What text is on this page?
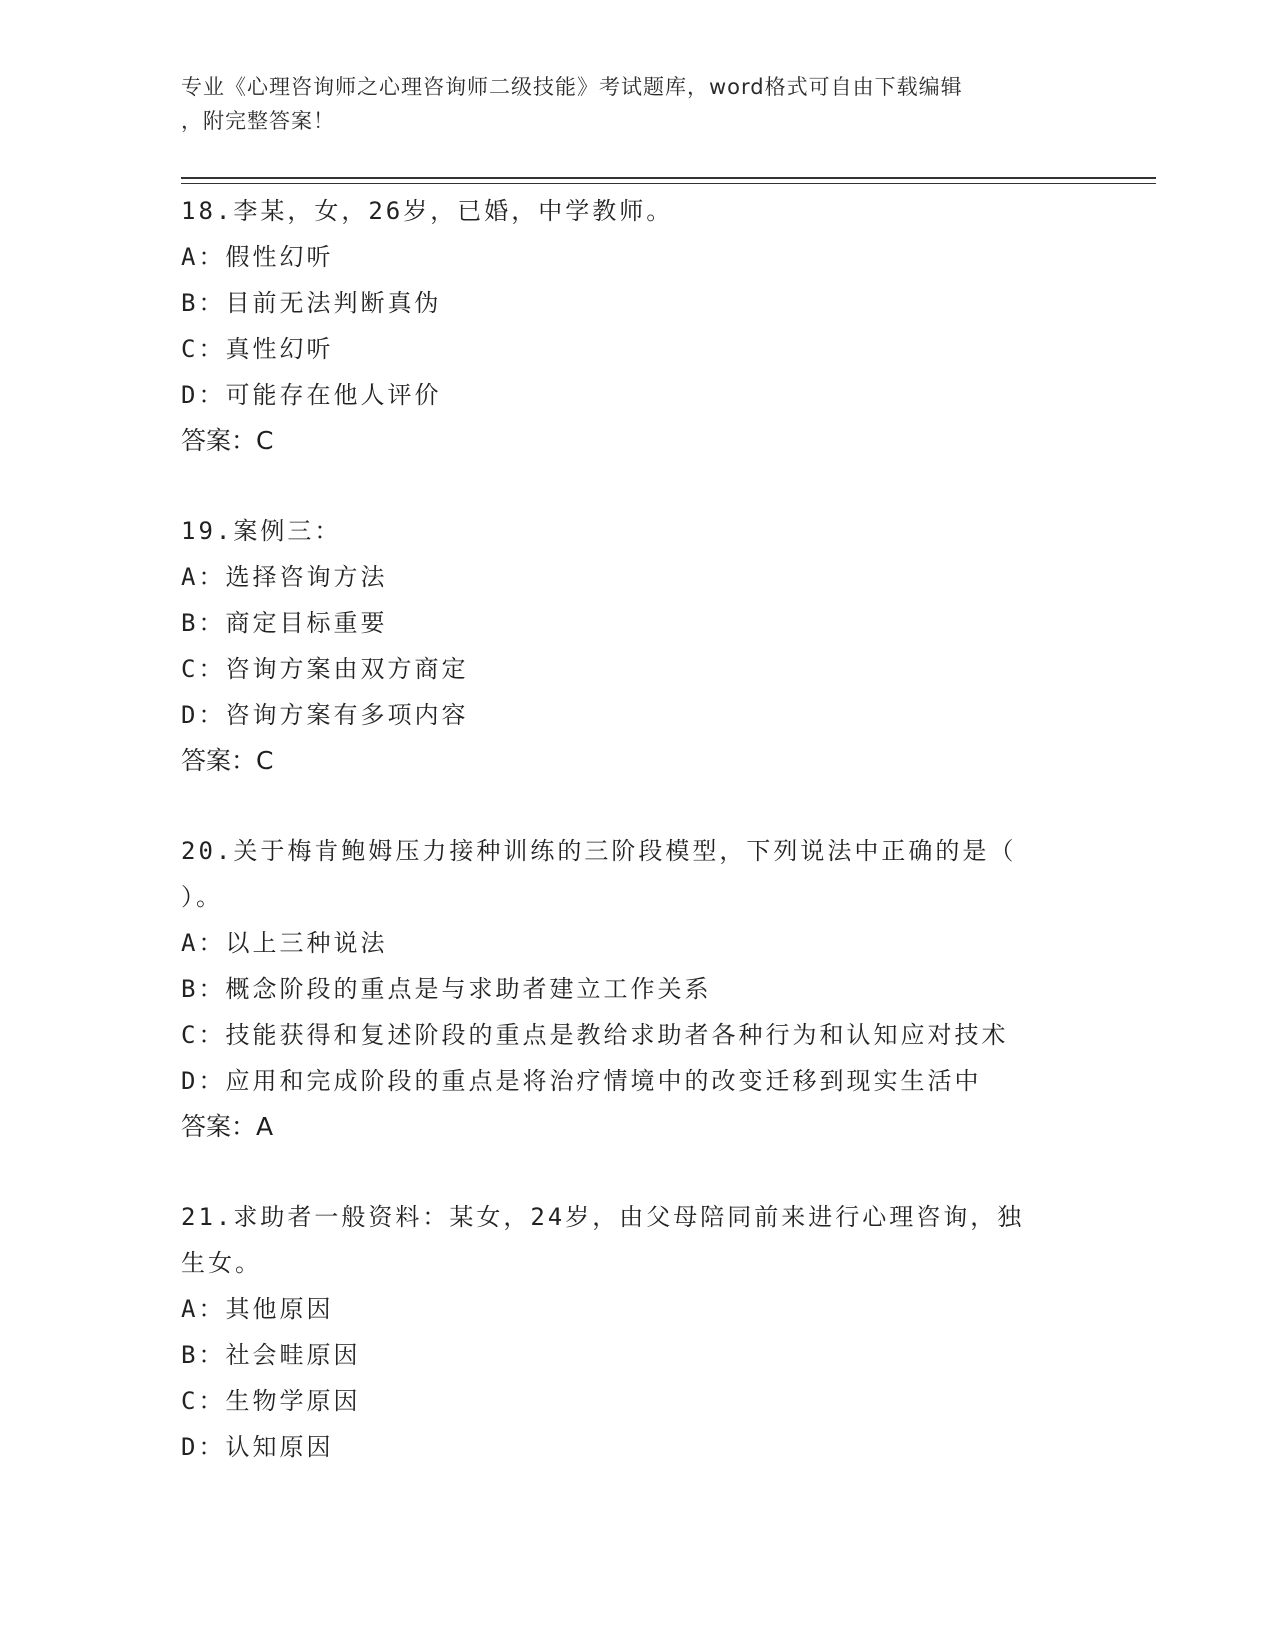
专业《心理咨询师之心理咨询师二级技能》考试题库，word格式可自由下载编辑
，附完整答案！
18.李某，女，26岁，已婚，中学教师。
A：假性幻听
B：目前无法判断真伪
C：真性幻听
D：可能存在他人评价
答案：C
19.案例三：
A：选择咨询方法
B：商定目标重要
C：咨询方案由双方商定
D：咨询方案有多项内容
答案：C
20.关于梅肯鲍姆压力接种训练的三阶段模型，下列说法中正确的是（
）。
A：以上三种说法
B：概念阶段的重点是与求助者建立工作关系
C：技能获得和复述阶段的重点是教给求助者各种行为和认知应对技术
D：应用和完成阶段的重点是将治疗情境中的改变迁移到现实生活中
答案：A
21.求助者一般资料：某女，24岁，由父母陪同前来进行心理咨询，独
生女。
A：其他原因
B：社会畦原因
C：生物学原因
D：认知原因
